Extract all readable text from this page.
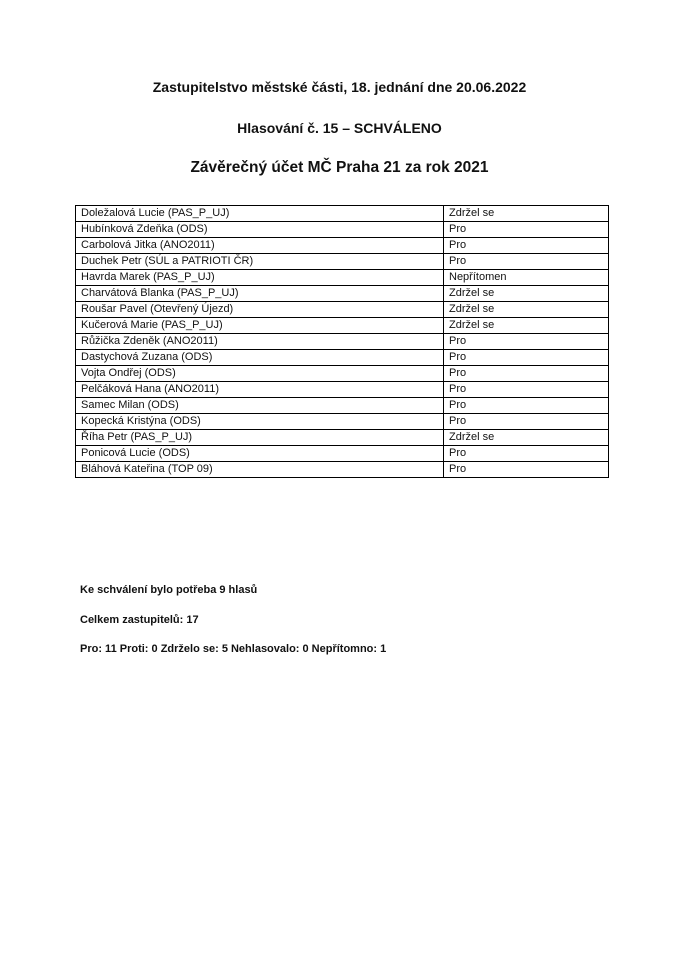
Zastupitelstvo městské části, 18. jednání dne 20.06.2022
Hlasování č. 15 – SCHVÁLENO
Závěrečný účet MČ Praha 21 za rok 2021
Doležalová Lucie (PAS_P_UJ)	Zdržel se
Hubínková Zdeňka (ODS)	Pro
Carbolová Jitka (ANO2011)	Pro
Duchek Petr (SÚL a PATRIOTI ČR)	Pro
Havrda Marek (PAS_P_UJ)	Nepřítomen
Charvátová Blanka (PAS_P_UJ)	Zdržel se
Roušar Pavel (Otevřený Újezd)	Zdržel se
Kučerová Marie (PAS_P_UJ)	Zdržel se
Růžička Zdeněk (ANO2011)	Pro
Dastychová Zuzana (ODS)	Pro
Vojta Ondřej (ODS)	Pro
Pelčáková Hana (ANO2011)	Pro
Samec Milan (ODS)	Pro
Kopecká Kristýna (ODS)	Pro
Říha Petr (PAS_P_UJ)	Zdržel se
Ponicová Lucie (ODS)	Pro
Bláhová Kateřina (TOP 09)	Pro
Ke schválení bylo potřeba 9 hlasů
Celkem zastupitelů: 17
Pro: 11 Proti: 0 Zdrželo se: 5 Nehlasovalo: 0 Nepřítomno: 1
